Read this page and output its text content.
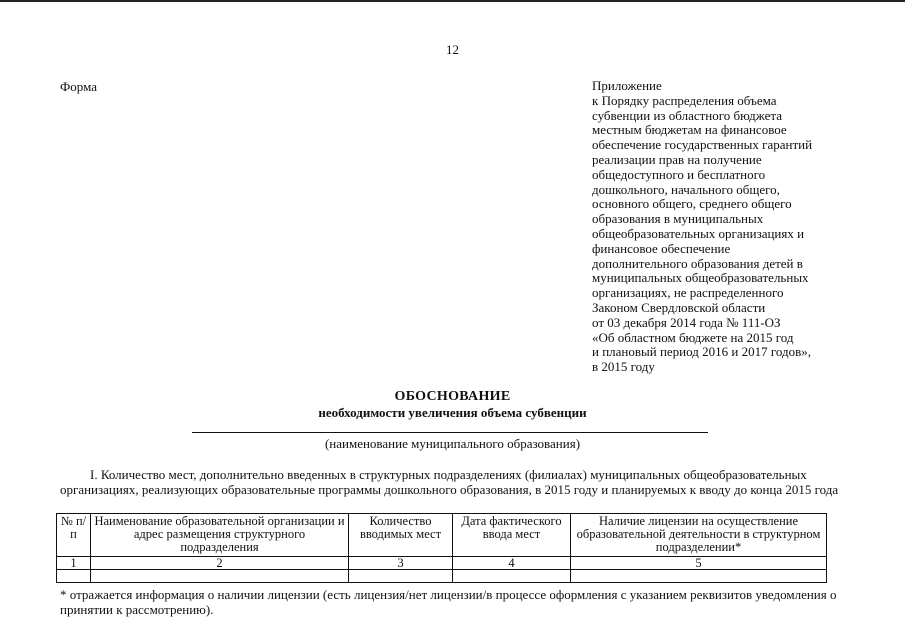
12
Форма	Приложение
к Порядку распределения объема
субвенции из областного бюджета
местным бюджетам на финансовое
обеспечение государственных гарантий
реализации прав на получение
общедоступного и бесплатного
дошкольного, начального общего,
основного общего, среднего общего
образования в муниципальных
общеобразовательных организациях и
финансовое обеспечение
дополнительного образования детей в
муниципальных общеобразовательных
организациях, не распределенного
Законом Свердловской области
от 03 декабря 2014 года № 111-ОЗ
«Об областном бюджете на 2015 год
и плановый период 2016 и 2017 годов»,
в 2015 году
ОБОСНОВАНИЕ
необходимости увеличения объема субвенции
(наименование муниципального образования)
I. Количество мест, дополнительно введенных в структурных подразделениях (филиалах) муниципальных общеобразовательных
организациях, реализующих образовательные программы дошкольного образования, в 2015 году и планируемых к вводу до конца 2015 года
№ п/п	Наименование образовательной организации и адрес размещения структурного подразделения	Количество вводимых мест	Дата фактического ввода мест	Наличие лицензии на осуществление образовательной деятельности в структурном подразделении*
1	2	3	4	5

* отражается информация о наличии лицензии (есть лицензия/нет лицензии/в процессе оформления с указанием реквизитов уведомления о
принятии к рассмотрению).
